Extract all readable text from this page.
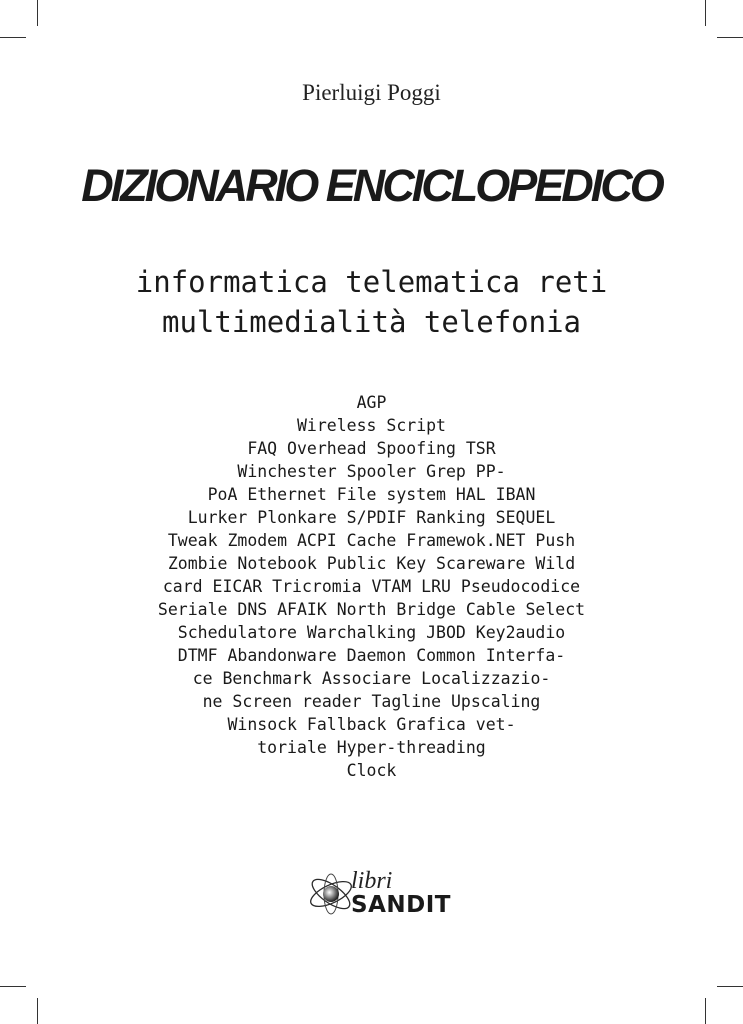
Pierluigi Poggi
DIZIONARIO ENCICLOPEDICO
informatica telematica reti
multimedialità telefonia
AGP
Wireless Script
FAQ Overhead Spoofing TSR
Winchester Spooler Grep PP-
PoA Ethernet File system HAL IBAN
Lurker Plonkare S/PDIF Ranking SEQUEL
Tweak Zmodem ACPI Cache Framewok.NET Push
Zombie Notebook Public Key Scareware Wild
card EICAR Tricromia VTAM LRU Pseudocodice
Seriale DNS AFAIK North Bridge Cable Select
Schedulatore Warchalking JBOD Key2audio
DTMF Abandonware Daemon Common Interfa-
ce Benchmark Associare Localizzazio-
ne Screen reader Tagline Upscaling
Winsock Fallback Grafica vet-
toriale Hyper-threading
Clock
libri
SANDIT
